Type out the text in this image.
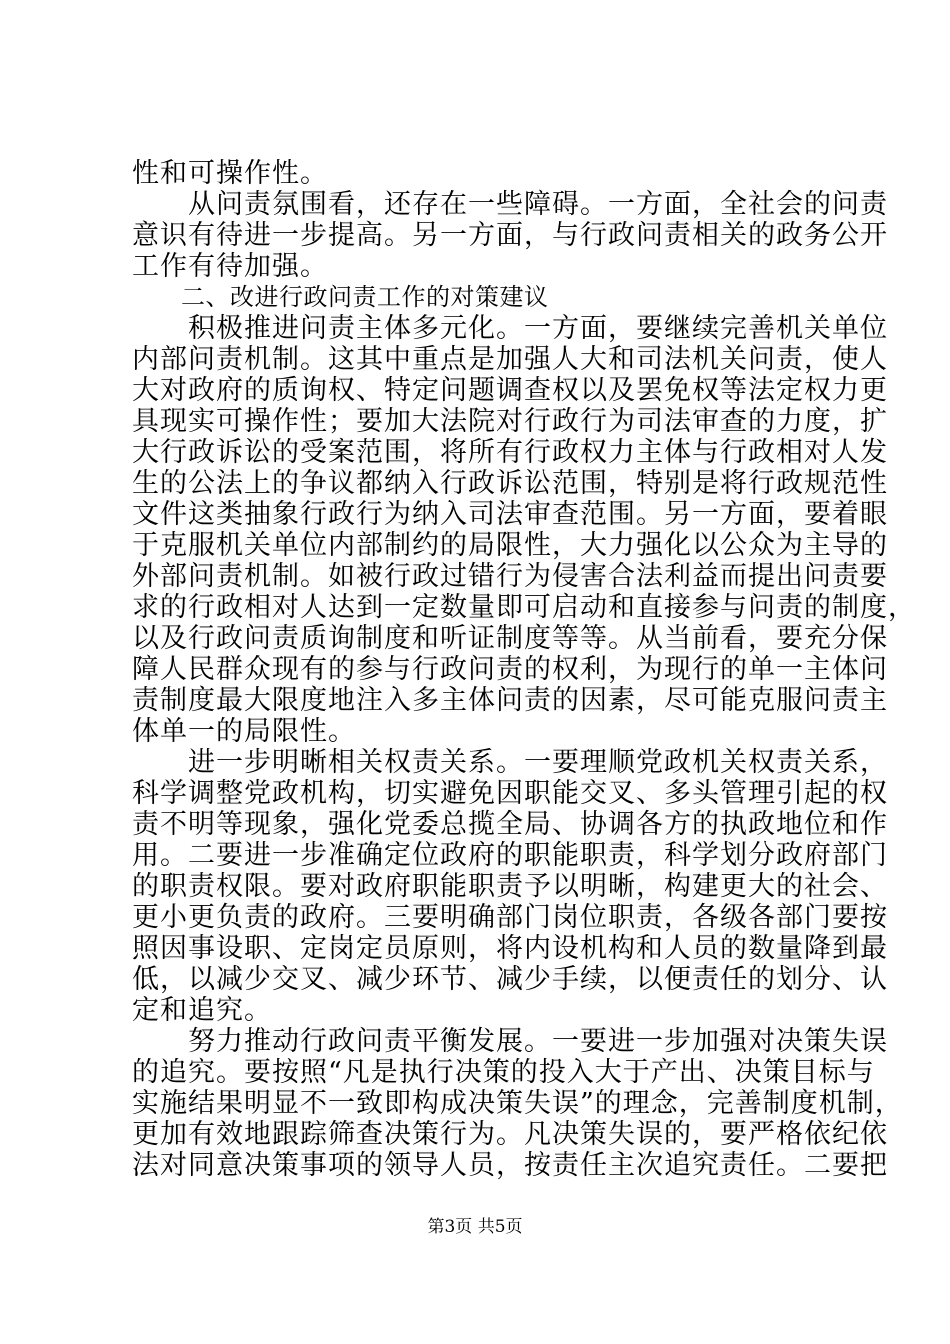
性和可操作性。
　　从问责氛围看，还存在一些障碍。一方面，全社会的问责
意识有待进一步提高。另一方面，与行政问责相关的政务公开
工作有待加强。
　　二、改进行政问责工作的对策建议
　　积极推进问责主体多元化。一方面，要继续完善机关单位
内部问责机制。这其中重点是加强人大和司法机关问责，使人
大对政府的质询权、特定问题调查权以及罢免权等法定权力更
具现实可操作性；要加大法院对行政行为司法审查的力度，扩
大行政诉讼的受案范围，将所有行政权力主体与行政相对人发
生的公法上的争议都纳入行政诉讼范围，特别是将行政规范性
文件这类抽象行政行为纳入司法审查范围。另一方面，要着眼
于克服机关单位内部制约的局限性，大力强化以公众为主导的
外部问责机制。如被行政过错行为侵害合法利益而提出问责要
求的行政相对人达到一定数量即可启动和直接参与问责的制度，
以及行政问责质询制度和听证制度等等。从当前看，要充分保
障人民群众现有的参与行政问责的权利，为现行的单一主体问
责制度最大限度地注入多主体问责的因素，尽可能克服问责主
体单一的局限性。
　　进一步明晰相关权责关系。一要理顺党政机关权责关系，
科学调整党政机构，切实避免因职能交叉、多头管理引起的权
责不明等现象，强化党委总揽全局、协调各方的执政地位和作
用。二要进一步准确定位政府的职能职责，科学划分政府部门
的职责权限。要对政府职能职责予以明晰，构建更大的社会、
更小更负责的政府。三要明确部门岗位职责，各级各部门要按
照因事设职、定岗定员原则，将内设机构和人员的数量降到最
低，以减少交叉、减少环节、减少手续，以便责任的划分、认
定和追究。
　　努力推动行政问责平衡发展。一要进一步加强对决策失误
的追究。要按照“凡是执行决策的投入大于产出、决策目标与
实施结果明显不一致即构成决策失误”的理念，完善制度机制，
更加有效地跟踪筛查决策行为。凡决策失误的，要严格依纪依
法对同意决策事项的领导人员，按责任主次追究责任。二要把
第3页 共5页
